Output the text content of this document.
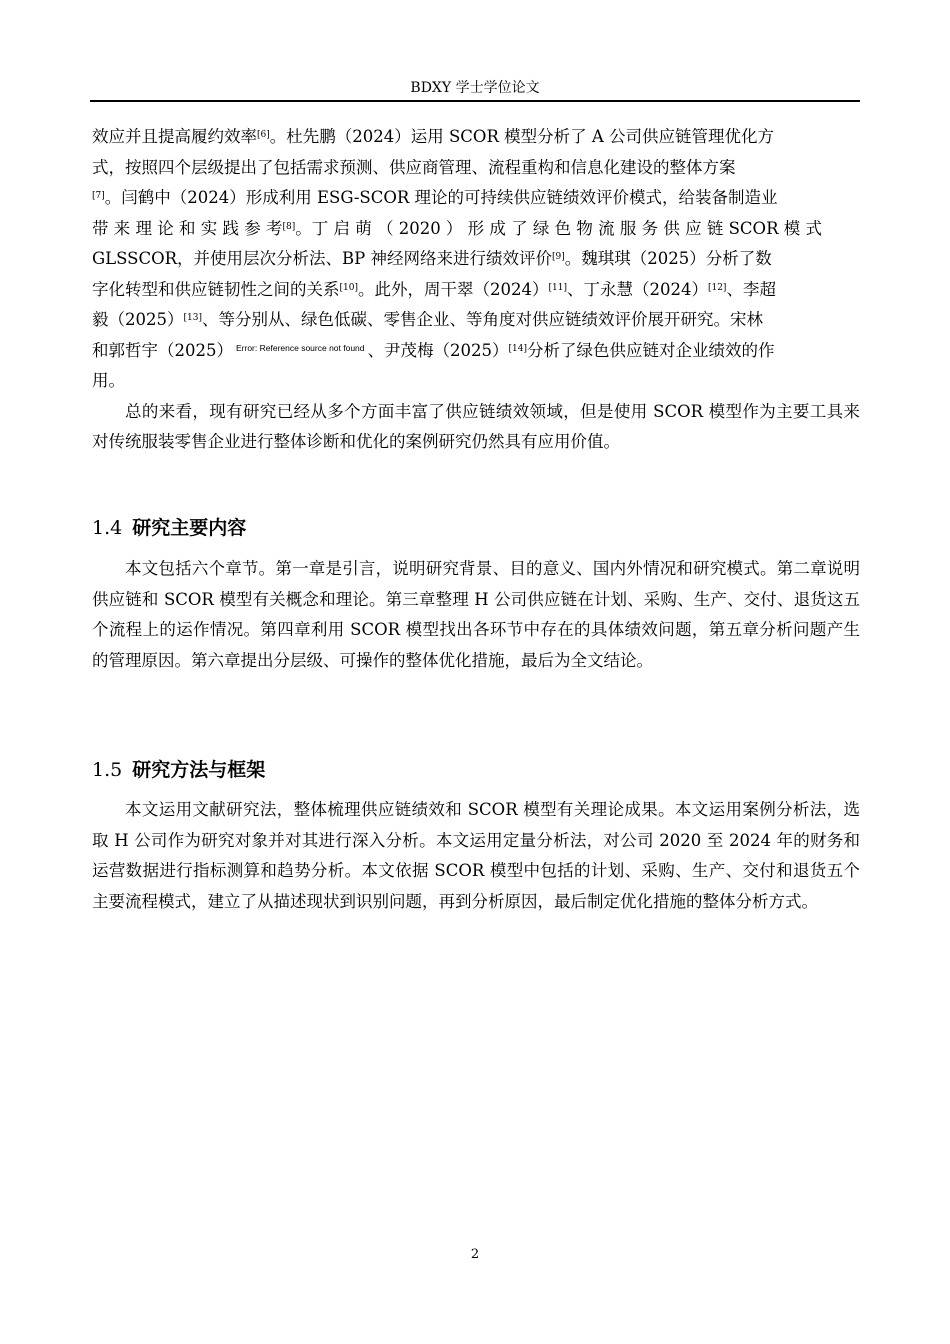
BDXY 学士学位论文

效应并且提高履约效率[6]。杜先鹏（2024）运用 SCOR 模型分析了 A 公司供应链管理优化方

式，按照四个层级提出了包括需求预测、供应商管理、流程重构和信息化建设的整体方案

[7]。闫鹤中（2024）形成利用 ESG-SCOR 理论的可持续供应链绩效评价模式，给装备制造业

带 来 理 论 和 实 践 参 考[8]。丁 启 萌 （ 2020 ） 形 成 了 绿 色 物 流 服 务 供 应 链 SCOR 模 式

GLSSCOR，并使用层次分析法、BP 神经网络来进行绩效评价[9]。魏琪琪（2025）分析了数

字化转型和供应链韧性之间的关系[10]。此外，周干翠（2024）[11]、丁永慧（2024）[12]、李超

毅（2025）[13]、等分别从、绿色低碳、零售企业、等角度对供应链绩效评价展开研究。宋林

和郭哲宇（2025） $^{Error: Reference source not found}$ 、尹茂梅（2025）[14]分析了绿色供应链对企业绩效的作

用。

总的来看，现有研究已经从多个方面丰富了供应链绩效领域，但是使用 SCOR 模型作为主要工具来对传统服装零售企业进行整体诊断和优化的案例研究仍然具有应用价值。

1.4 研究主要内容

本文包括六个章节。第一章是引言，说明研究背景、目的意义、国内外情况和研究模式。第二章说明供应链和 SCOR 模型有关概念和理论。第三章整理 H 公司供应链在计划、采购、生产、交付、退货这五个流程上的运作情况。第四章利用 SCOR 模型找出各环节中存在的具体绩效问题，第五章分析问题产生的管理原因。第六章提出分层级、可操作的整体优化措施，最后为全文结论。

1.5 研究方法与框架

本文运用文献研究法，整体梳理供应链绩效和 SCOR 模型有关理论成果。本文运用案例分析法，选取 H 公司作为研究对象并对其进行深入分析。本文运用定量分析法，对公司 2020 至 2024 年的财务和运营数据进行指标测算和趋势分析。本文依据 SCOR 模型中包括的计划、采购、生产、交付和退货五个主要流程模式，建立了从描述现状到识别问题，再到分析原因，最后制定优化措施的整体分析方式。

2
